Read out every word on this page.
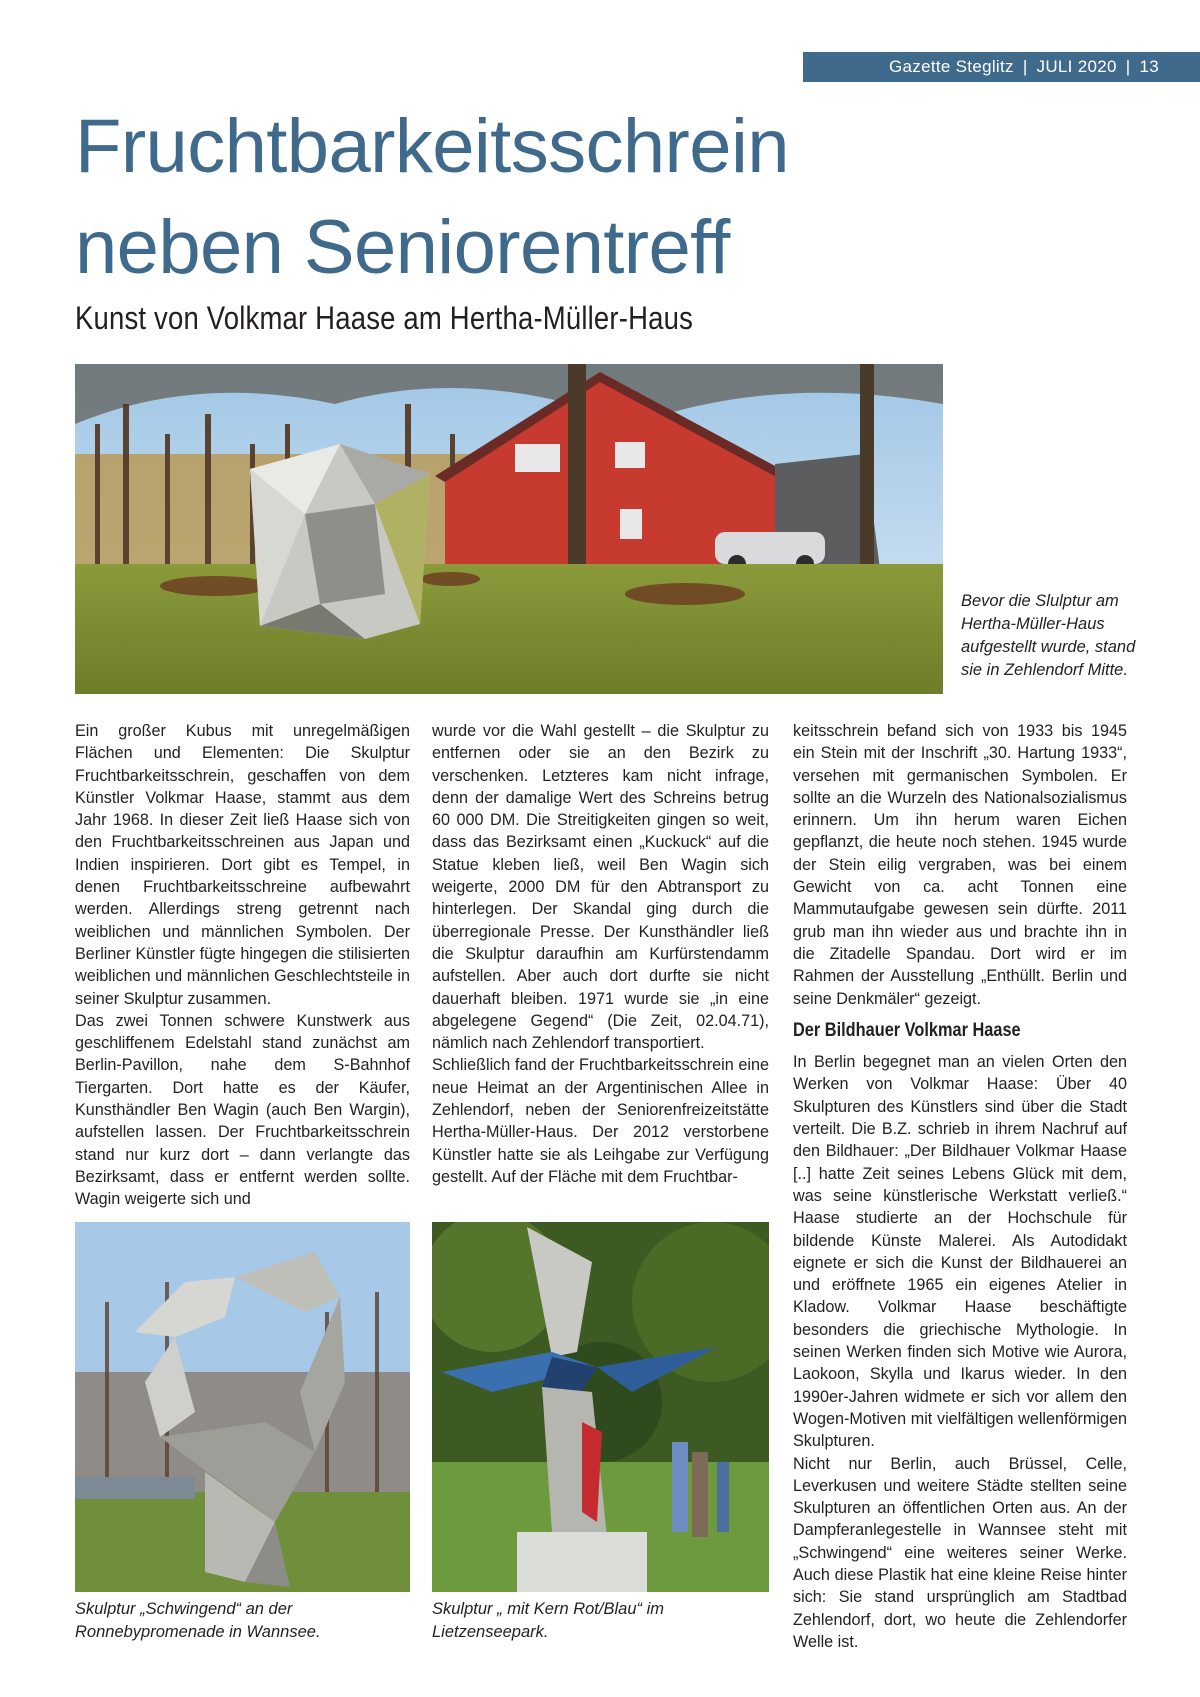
Gazette Steglitz | JULI 2020 | 13
Fruchtbarkeitsschrein
neben Seniorentreff
Kunst von Volkmar Haase am Hertha-Müller-Haus
Bevor die Slulptur am Hertha-Müller-Haus aufgestellt wurde, stand sie in Zehlendorf Mitte.

Ein großer Kubus mit unregelmäßigen Flächen und Elementen: Die Skulptur Fruchtbarkeitsschrein, geschaffen von dem Künstler Volkmar Haase, stammt aus dem Jahr 1968. In dieser Zeit ließ Haase sich von den Fruchtbarkeitsschreinen aus Japan und Indien inspirieren. Dort gibt es Tempel, in denen Fruchtbarkeitsschreine aufbewahrt werden. Allerdings streng getrennt nach weiblichen und männlichen Symbolen. Der Berliner Künstler fügte hingegen die stilisierten weiblichen und männlichen Geschlechtsteile in seiner Skulptur zusammen.

Das zwei Tonnen schwere Kunstwerk aus geschliffenem Edelstahl stand zunächst am Berlin-Pavillon, nahe dem S-Bahnhof Tiergarten. Dort hatte es der Käufer, Kunsthändler Ben Wagin (auch Ben Wargin), aufstellen lassen. Der Fruchtbarkeitsschrein stand nur kurz dort – dann verlangte das Bezirksamt, dass er entfernt werden sollte. Wagin weigerte sich und

wurde vor die Wahl gestellt – die Skulptur zu entfernen oder sie an den Bezirk zu verschenken. Letzteres kam nicht infrage, denn der damalige Wert des Schreins betrug 60 000 DM. Die Streitigkeiten gingen so weit, dass das Bezirksamt einen „Kuckuck“ auf die Statue kleben ließ, weil Ben Wagin sich weigerte, 2000 DM für den Abtransport zu hinterlegen. Der Skandal ging durch die überregionale Presse. Der Kunsthändler ließ die Skulptur daraufhin am Kurfürstendamm aufstellen. Aber auch dort durfte sie nicht dauerhaft bleiben. 1971 wurde sie „in eine abgelegene Gegend“ (Die Zeit, 02.04.71), nämlich nach Zehlendorf transportiert.

Schließlich fand der Fruchtbarkeitsschrein eine neue Heimat an der Argentinischen Allee in Zehlendorf, neben der Seniorenfreizeitstätte Hertha-Müller-Haus. Der 2012 verstorbene Künstler hatte sie als Leihgabe zur Verfügung gestellt. Auf der Fläche mit dem Fruchtbar-

keitsschrein befand sich von 1933 bis 1945 ein Stein mit der Inschrift „30. Hartung 1933“, versehen mit germanischen Symbolen. Er sollte an die Wurzeln des Nationalsozialismus erinnern. Um ihn herum waren Eichen gepflanzt, die heute noch stehen. 1945 wurde der Stein eilig vergraben, was bei einem Gewicht von ca. acht Tonnen eine Mammutaufgabe gewesen sein dürfte. 2011 grub man ihn wieder aus und brachte ihn in die Zitadelle Spandau. Dort wird er im Rahmen der Ausstellung „Enthüllt. Berlin und seine Denkmäler“ gezeigt.

Der Bildhauer Volkmar Haase

In Berlin begegnet man an vielen Orten den Werken von Volkmar Haase: Über 40 Skulpturen des Künstlers sind über die Stadt verteilt. Die B.Z. schrieb in ihrem Nachruf auf den Bildhauer: „Der Bildhauer Volkmar Haase [..] hatte Zeit seines Lebens Glück mit dem, was seine künstlerische Werkstatt verließ.“ Haase studierte an der Hochschule für bildende Künste Malerei. Als Autodidakt eignete er sich die Kunst der Bildhauerei an und eröffnete 1965 ein eigenes Atelier in Kladow. Volkmar Haase beschäftigte besonders die griechische Mythologie. In seinen Werken finden sich Motive wie Aurora, Laokoon, Skylla und Ikarus wieder. In den 1990er-Jahren widmete er sich vor allem den Wogen-Motiven mit vielfältigen wellenförmigen Skulpturen.

Nicht nur Berlin, auch Brüssel, Celle, Leverkusen und weitere Städte stellten seine Skulpturen an öffentlichen Orten aus. An der Dampferanlegestelle in Wannsee steht mit „Schwingend“ eine weiteres seiner Werke. Auch diese Plastik hat eine kleine Reise hinter sich: Sie stand ursprünglich am Stadtbad Zehlendorf, dort, wo heute die Zehlendorfer Welle ist.

Skulptur „Schwingend“ an der Ronnebypromenade in Wannsee.
Skulptur „ mit Kern Rot/Blau“ im Lietzenseepark.
